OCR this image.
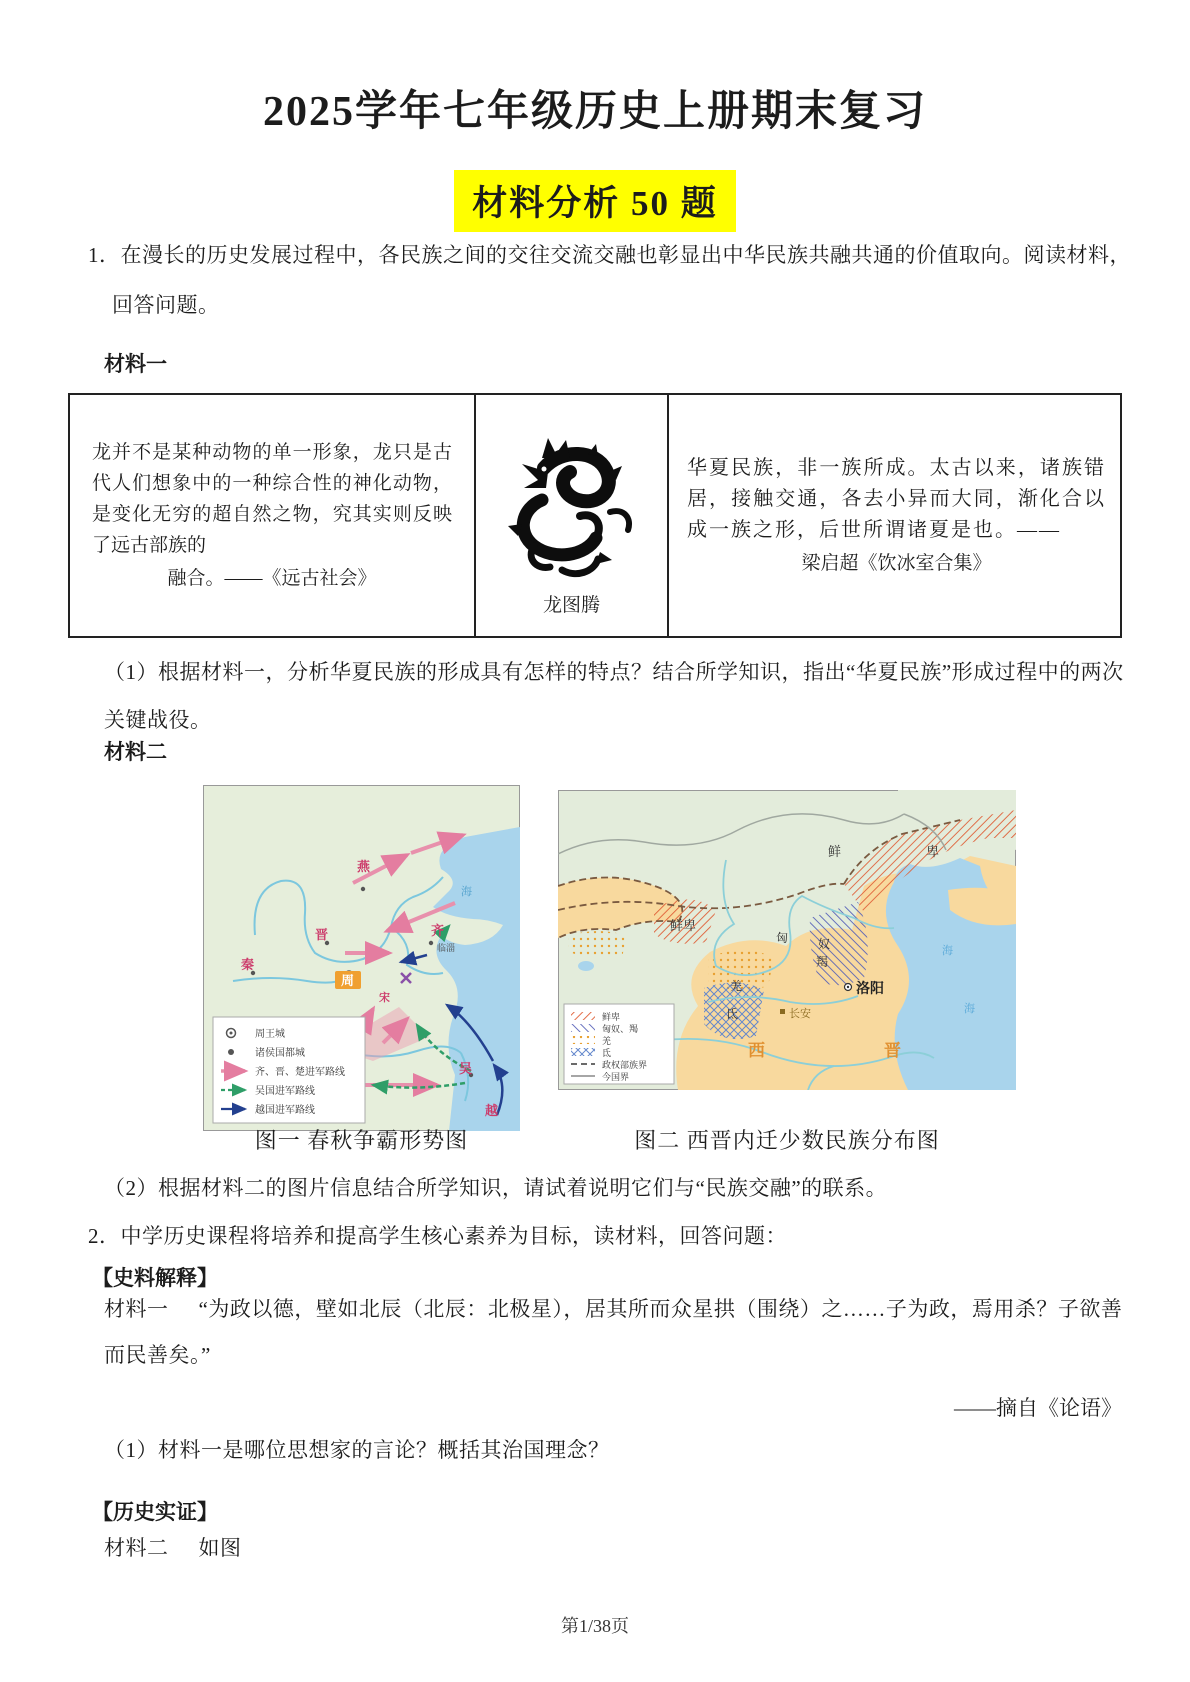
2025学年七年级历史上册期末复习
材料分析 50 题
1．在漫长的历史发展过程中，各民族之间的交往交流交融也彰显出中华民族共融共通的价值取向。阅读材料，回答问题。
材料一

龙并不是某种动物的单一形象，龙只是古代人们想象中的一种综合性的神化动物，是变化无穷的超自然之物，究其实则反映了远古部族的

融合。——《远古社会》

龙图腾

华夏民族，非一族所成。太古以来，诸族错居，接触交通，各去小异而大同，渐化合以成一族之形，后世所谓诸夏是也。——

梁启超《饮冰室合集》

（1）根据材料一，分析华夏民族的形成具有怎样的特点？结合所学知识，指出“华夏民族”形成过程中的两次关键战役。
材料二
燕
晋	齐
秦
宋
吴
越
周
临淄
海
周王城
诸侯国都城
齐、晋、楚进军路线
吴国进军路线
越国进军路线
鲜	卑
鲜卑
匈 奴
羯
羌
氐
洛阳
长安
西	晋
海
海
鲜卑
匈奴、羯
羌
氐
政权部族界
今国界
图一 春秋争霸形势图	图二 西晋内迁少数民族分布图
（2）根据材料二的图片信息结合所学知识，请试着说明它们与“民族交融”的联系。
2．中学历史课程将培养和提高学生核心素养为目标，读材料，回答问题：
【史料解释】
材料一 “为政以德，壁如北辰（北辰：北极星），居其所而众星拱（围绕）之……子为政，焉用杀？子欲善而民善矣。”
——摘自《论语》
（1）材料一是哪位思想家的言论？概括其治国理念？
【历史实证】
材料二 如图
第1/38页
